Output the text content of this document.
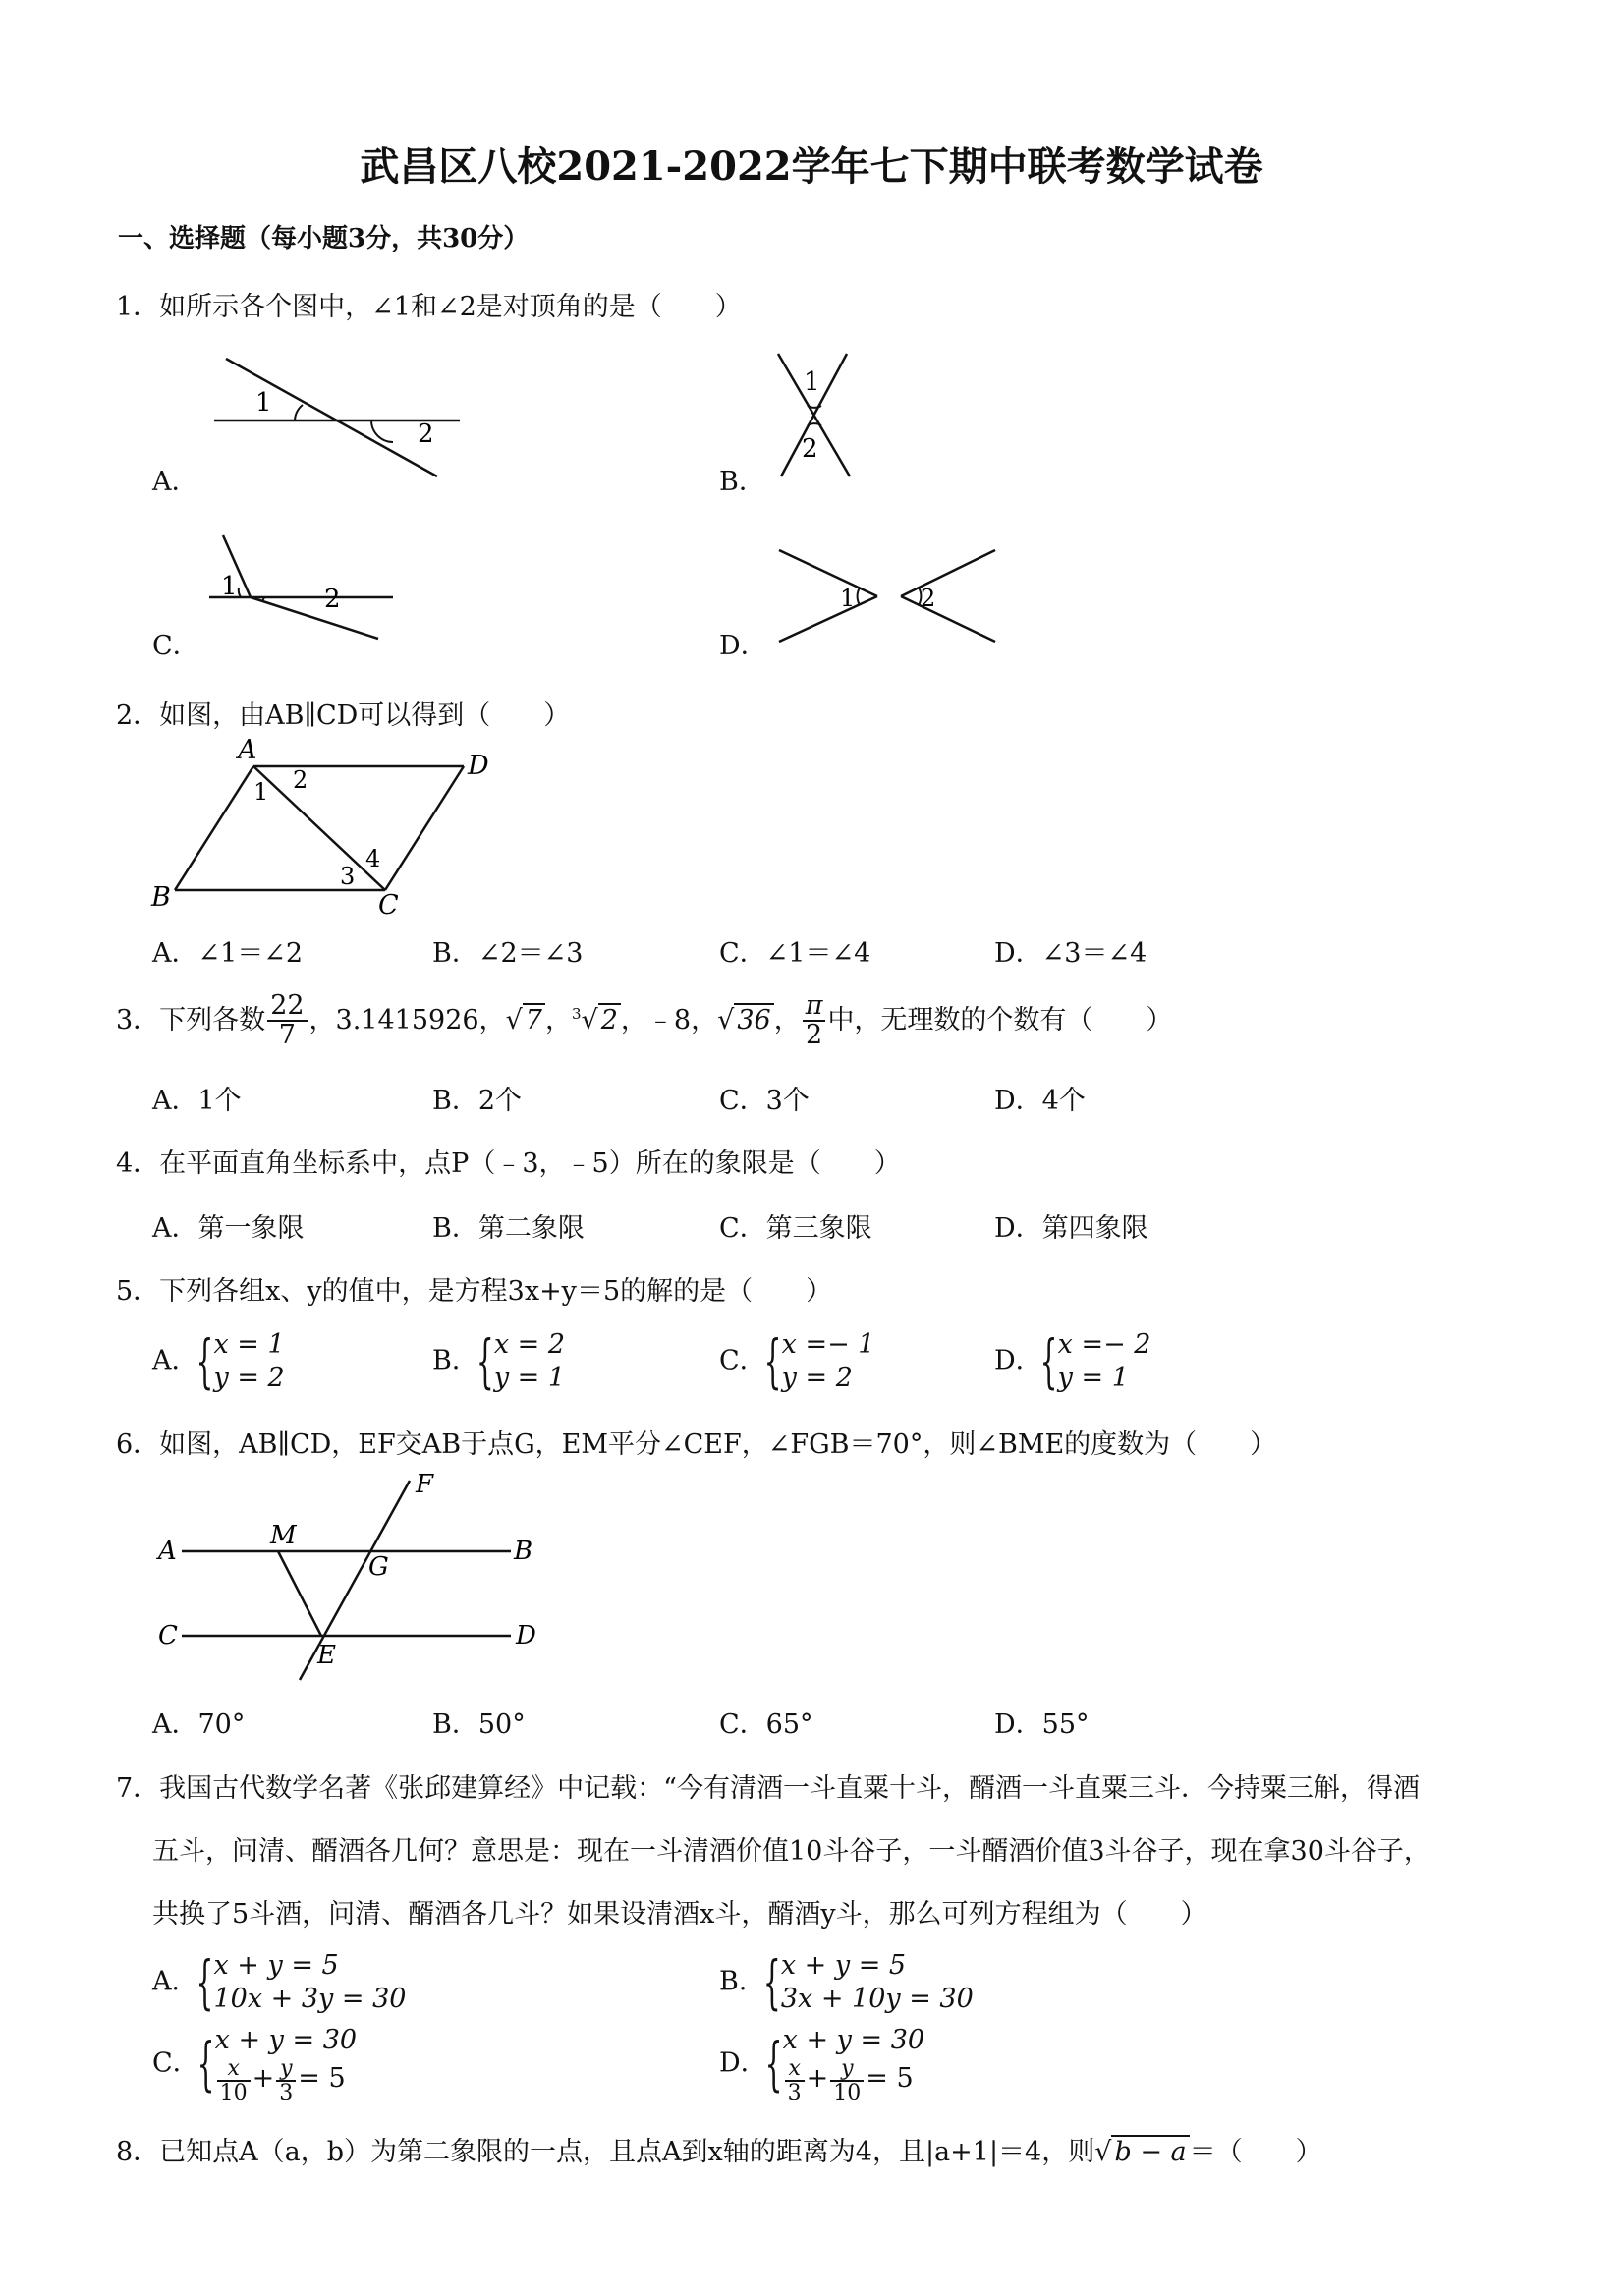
武昌区八校2021-2022学年七下期中联考数学试卷
一、选择题（每小题3分，共30分）
1．如所示各个图中，∠1和∠2是对顶角的是（　　）
1
2
A．
1
2
B．
1	2
C．
1	2
D．
2．如图，由AB∥CD可以得到（　　）
A
D
B	C
1 2
3
4
A．∠1＝∠2	B．∠2＝∠3	C．∠1＝∠4	D．∠3＝∠4
3．下列各数 $\frac{22}{7}$ ，3.1415926，√ 7 ，$^3$√ 2 ，﹣8，√ 36 ， $\frac{\pi}{2}$ 中，无理数的个数有（　　）
A．1个	B．2个	C．3个	D．4个
4．在平面直角坐标系中，点P（﹣3，﹣5）所在的象限是（　　）
A．第一象限	B．第二象限	C．第三象限	D．第四象限
5．下列各组x、y的值中，是方程3x+y＝5的解的是（　　）
A．
{ x = 1
y = 2
B．
{ x = 2
y = 1
C．
{ x =− 1
y = 2
D．
{ x =− 2
y = 1
6．如图，AB∥CD，EF交AB于点G，EM平分∠CEF，∠FGB＝70°，则∠BME的度数为（　　）
A	B
C	D
M
G
E
F
A．70°	B．50°	C．65°	D．55°
7．我国古代数学名著《张邱建算经》中记载：“今有清酒一斗直粟十斗，醑酒一斗直粟三斗．今持粟三斛，得酒
五斗，问清、醑酒各几何？意思是：现在一斗清酒价值10斗谷子，一斗醑酒价值3斗谷子，现在拿30斗谷子，
共换了5斗酒，问清、醑酒各几斗？如果设清酒x斗，醑酒y斗，那么可列方程组为（　　）
A．
{ x + y = 5
10x + 3y = 30
B．
{ x + y = 5
3x + 10y = 30
C．
{ x + y = 30
$\frac{x}{10} + \frac{y}{3} = 5$	D．
{ x + y = 30
$\frac{x}{3} + \frac{y}{10} = 5$
8．已知点A（a，b）为第二象限的一点，且点A到x轴的距离为4，且|a+1|＝4，则√ b − a ＝（　　）
